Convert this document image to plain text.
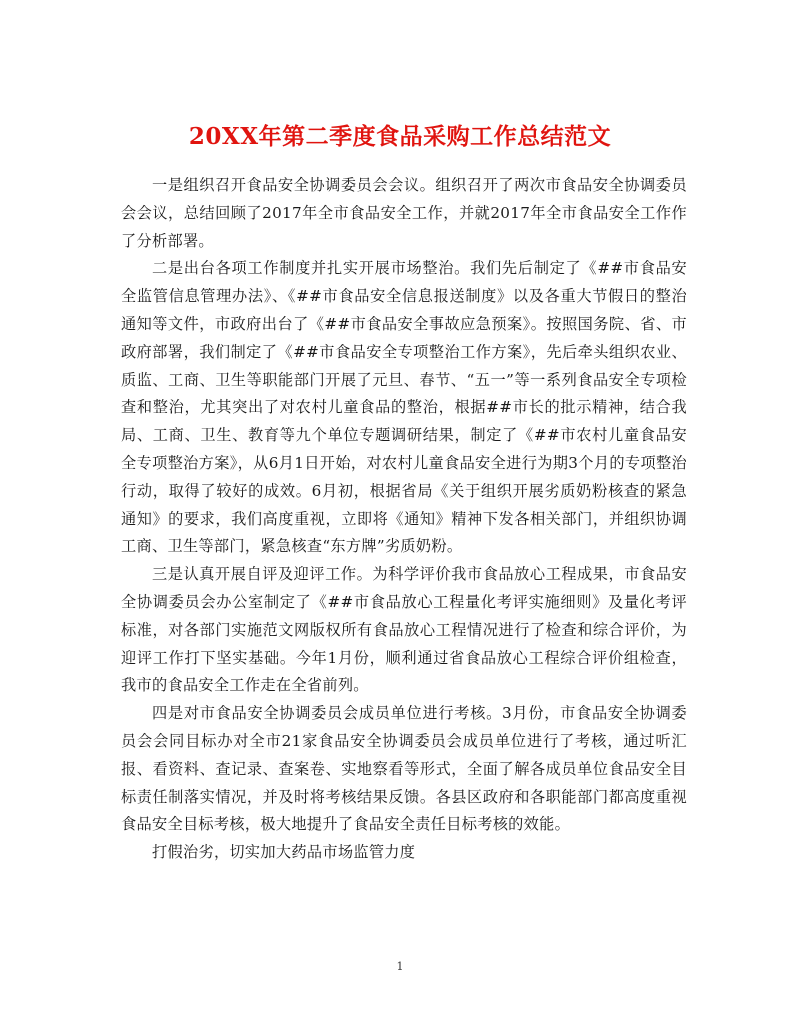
20XX年第二季度食品采购工作总结范文

一是组织召开食品安全协调委员会会议。组织召开了两次市食品安全协调委员会会议，总结回顾了2017年全市食品安全工作，并就2017年全市食品安全工作作了分析部署。

二是出台各项工作制度并扎实开展市场整治。我们先后制定了《##市食品安全监管信息管理办法》、《##市食品安全信息报送制度》以及各重大节假日的整治通知等文件，市政府出台了《##市食品安全事故应急预案》。按照国务院、省、市政府部署，我们制定了《##市食品安全专项整治工作方案》，先后牵头组织农业、质监、工商、卫生等职能部门开展了元旦、春节、“五一”等一系列食品安全专项检查和整治，尤其突出了对农村儿童食品的整治，根据##市长的批示精神，结合我局、工商、卫生、教育等九个单位专题调研结果，制定了《##市农村儿童食品安全专项整治方案》，从6月1日开始，对农村儿童食品安全进行为期3个月的专项整治行动，取得了较好的成效。6月初，根据省局《关于组织开展劣质奶粉核查的紧急通知》的要求，我们高度重视，立即将《通知》精神下发各相关部门，并组织协调工商、卫生等部门，紧急核查“东方牌”劣质奶粉。

三是认真开展自评及迎评工作。为科学评价我市食品放心工程成果，市食品安全协调委员会办公室制定了《##市食品放心工程量化考评实施细则》及量化考评标准，对各部门实施范文网版权所有食品放心工程情况进行了检查和综合评价，为迎评工作打下坚实基础。今年1月份，顺利通过省食品放心工程综合评价组检查，我市的食品安全工作走在全省前列。

四是对市食品安全协调委员会成员单位进行考核。3月份，市食品安全协调委员会会同目标办对全市21家食品安全协调委员会成员单位进行了考核，通过听汇报、看资料、查记录、查案卷、实地察看等形式，全面了解各成员单位食品安全目标责任制落实情况，并及时将考核结果反馈。各县区政府和各职能部门都高度重视食品安全目标考核，极大地提升了食品安全责任目标考核的效能。

打假治劣，切实加大药品市场监管力度

1
